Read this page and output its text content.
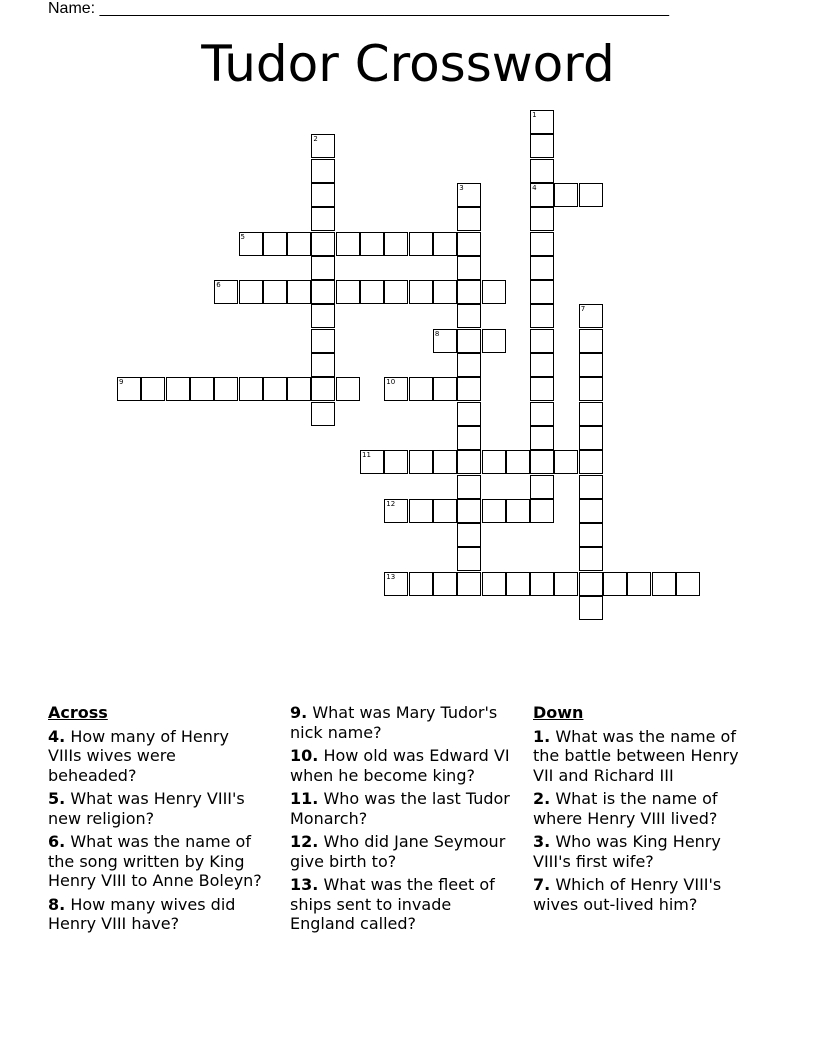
Name: ________________________________________________________________
Tudor Crossword
1
4
2
3
5
6
7
8
9	10
11
12
13
Across
4. How many of Henry VIIIs wives were beheaded?
5. What was Henry VIII's new religion?
6. What was the name of the song written by King Henry VIII to Anne Boleyn?
8. How many wives did Henry VIII have?
9. What was Mary Tudor's nick name?
10. How old was Edward VI when he become king?
11. Who was the last Tudor Monarch?
12. Who did Jane Seymour give birth to?
13. What was the fleet of ships sent to invade England called?
Down
1. What was the name of the battle between Henry VII and Richard III
2. What is the name of where Henry VIII lived?
3. Who was King Henry VIII's first wife?
7. Which of Henry VIII's wives out-lived him?
